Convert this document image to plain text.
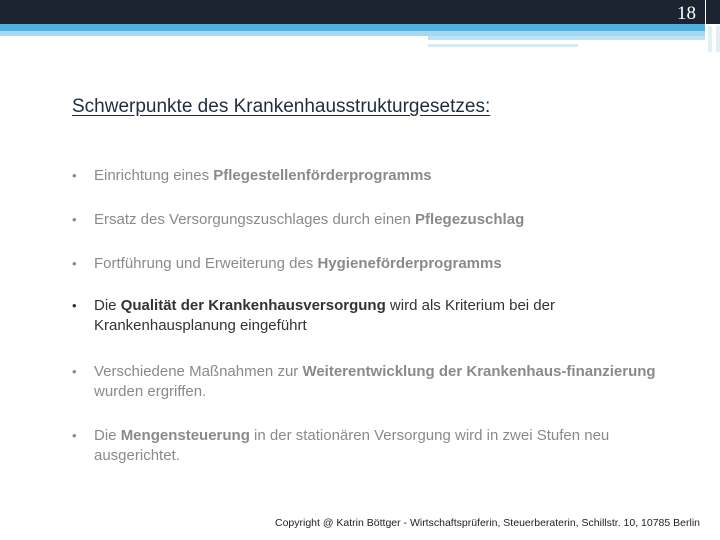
18
Schwerpunkte des Krankenhausstrukturgesetzes:
•	Einrichtung eines Pflegestellenförderprogramms
•	Ersatz des Versorgungszuschlages durch einen Pflegezuschlag
•	Fortführung und Erweiterung des Hygieneförderprogramms
•	Die Qualität der Krankenhausversorgung wird als Kriterium bei der Krankenhausplanung eingeführt
•	Verschiedene Maßnahmen zur Weiterentwicklung der Krankenhaus-finanzierung wurden ergriffen.
•	Die Mengensteuerung in der stationären Versorgung wird in zwei Stufen neu ausgerichtet.
Copyright @ Katrin Böttger - Wirtschaftsprüferin, Steuerberaterin, Schillstr. 10, 10785 Berlin
